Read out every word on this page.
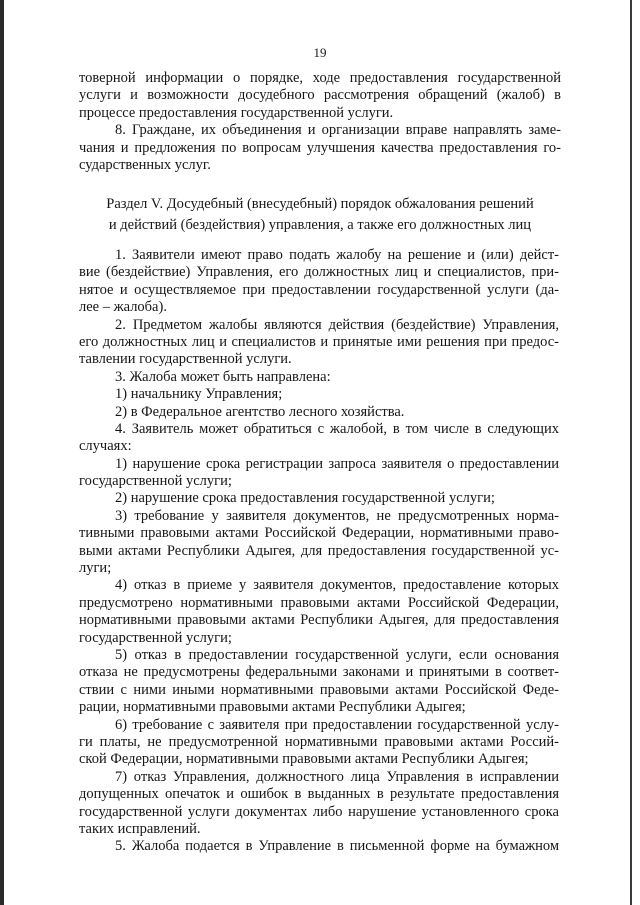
19
товерной информации о порядке, ходе предоставления государственной
услуги и возможности досудебного рассмотрения обращений (жалоб) в
процессе предоставления государственной услуги.
8. Граждане, их объединения и организации вправе направлять заме-
чания и предложения по вопросам улучшения качества предоставления го-
сударственных услуг.
Раздел V. Досудебный (внесудебный) порядок обжалования решений
и действий (бездействия) управления, а также его должностных лиц
1. Заявители имеют право подать жалобу на решение и (или) дейст-
вие (бездействие) Управления, его должностных лиц и специалистов, при-
нятое и осуществляемое при предоставлении государственной услуги (да-
лее – жалоба).
2. Предметом жалобы являются действия (бездействие) Управления,
его должностных лиц и специалистов и принятые ими решения при предос-
тавлении государственной услуги.
3. Жалоба может быть направлена:
1) начальнику Управления;
2) в Федеральное агентство лесного хозяйства.
4. Заявитель может обратиться с жалобой, в том числе в следующих
случаях:
1) нарушение срока регистрации запроса заявителя о предоставлении
государственной услуги;
2) нарушение срока предоставления государственной услуги;
3) требование у заявителя документов, не предусмотренных норма-
тивными правовыми актами Российской Федерации, нормативными право-
выми актами Республики Адыгея, для предоставления государственной ус-
луги;
4) отказ в приеме у заявителя документов, предоставление которых
предусмотрено нормативными правовыми актами Российской Федерации,
нормативными правовыми актами Республики Адыгея, для предоставления
государственной услуги;
5) отказ в предоставлении государственной услуги, если основания
отказа не предусмотрены федеральными законами и принятыми в соответ-
ствии с ними иными нормативными правовыми актами Российской Феде-
рации, нормативными правовыми актами Республики Адыгея;
6) требование с заявителя при предоставлении государственной услу-
ги платы, не предусмотренной нормативными правовыми актами Россий-
ской Федерации, нормативными правовыми актами Республики Адыгея;
7) отказ Управления, должностного лица Управления в исправлении
допущенных опечаток и ошибок в выданных в результате предоставления
государственной услуги документах либо нарушение установленного срока
таких исправлений.
5. Жалоба подается в Управление в письменной форме на бумажном
